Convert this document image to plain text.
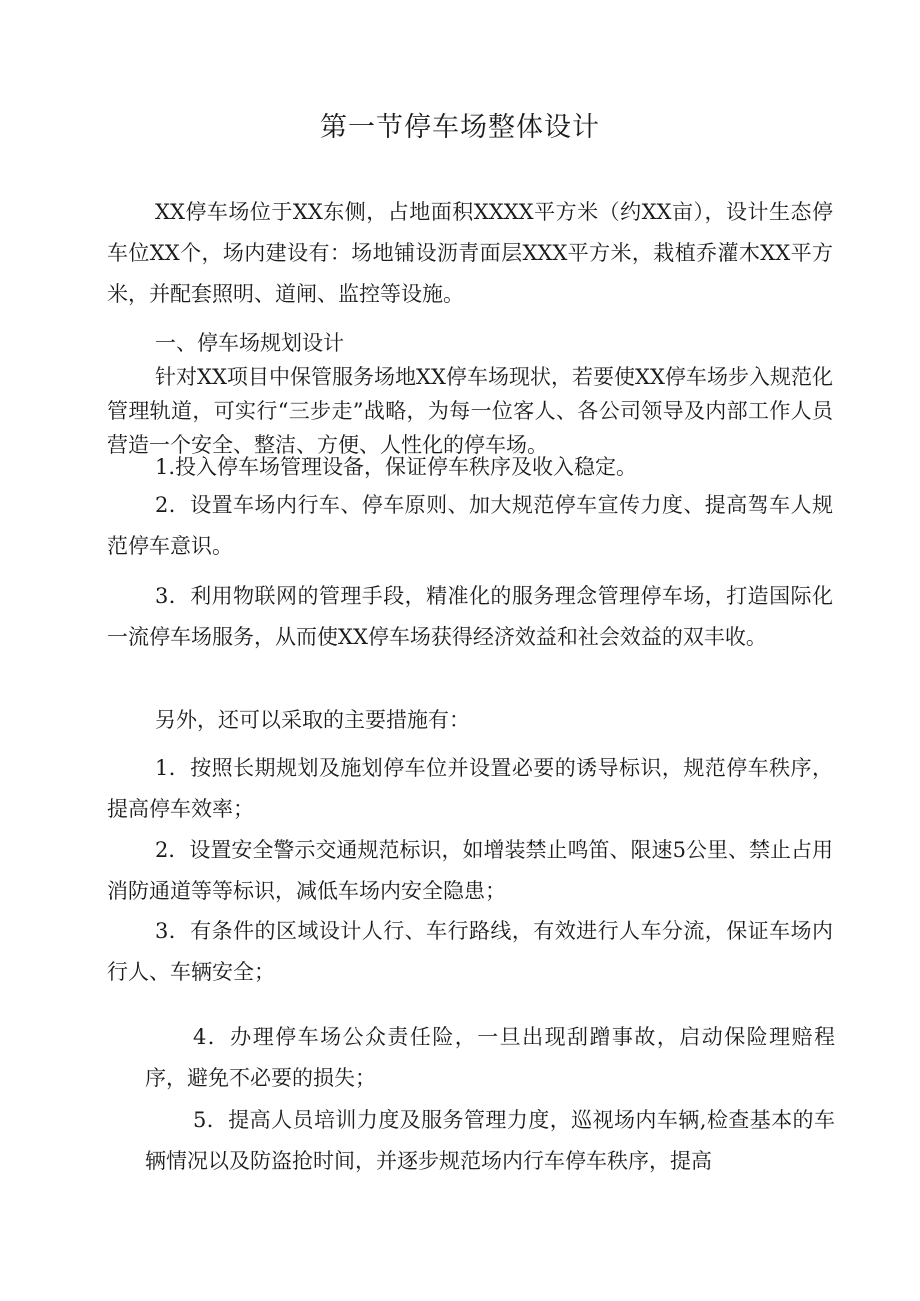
第一节停车场整体设计
XX停车场位于XX东侧，占地面积XXXX平方米（约XX亩），设计生态停车位XX个，场内建设有：场地铺设沥青面层XXX平方米，栽植乔灌木XX平方米，并配套照明、道闸、监控等设施。
一、停车场规划设计
针对XX项目中保管服务场地XX停车场现状，若要使XX停车场步入规范化管理轨道，可实行“三步走”战略，为每一位客人、各公司领导及内部工作人员营造一个安全、整洁、方便、人性化的停车场。
1.投入停车场管理设备，保证停车秩序及收入稳定。
2．设置车场内行车、停车原则、加大规范停车宣传力度、提高驾车人规范停车意识。
3．利用物联网的管理手段，精准化的服务理念管理停车场，打造国际化一流停车场服务，从而使XX停车场获得经济效益和社会效益的双丰收。
另外，还可以采取的主要措施有：
1．按照长期规划及施划停车位并设置必要的诱导标识，规范停车秩序，提高停车效率；
2．设置安全警示交通规范标识，如增装禁止鸣笛、限速5公里、禁止占用消防通道等等标识，减低车场内安全隐患；
3．有条件的区域设计人行、车行路线，有效进行人车分流，保证车场内行人、车辆安全；
4．办理停车场公众责任险，一旦出现刮蹭事故，启动保险理赔程序，避免不必要的损失；
5．提高人员培训力度及服务管理力度，巡视场内车辆,检查基本的车辆情况以及防盗抢时间，并逐步规范场内行车停车秩序，提高
